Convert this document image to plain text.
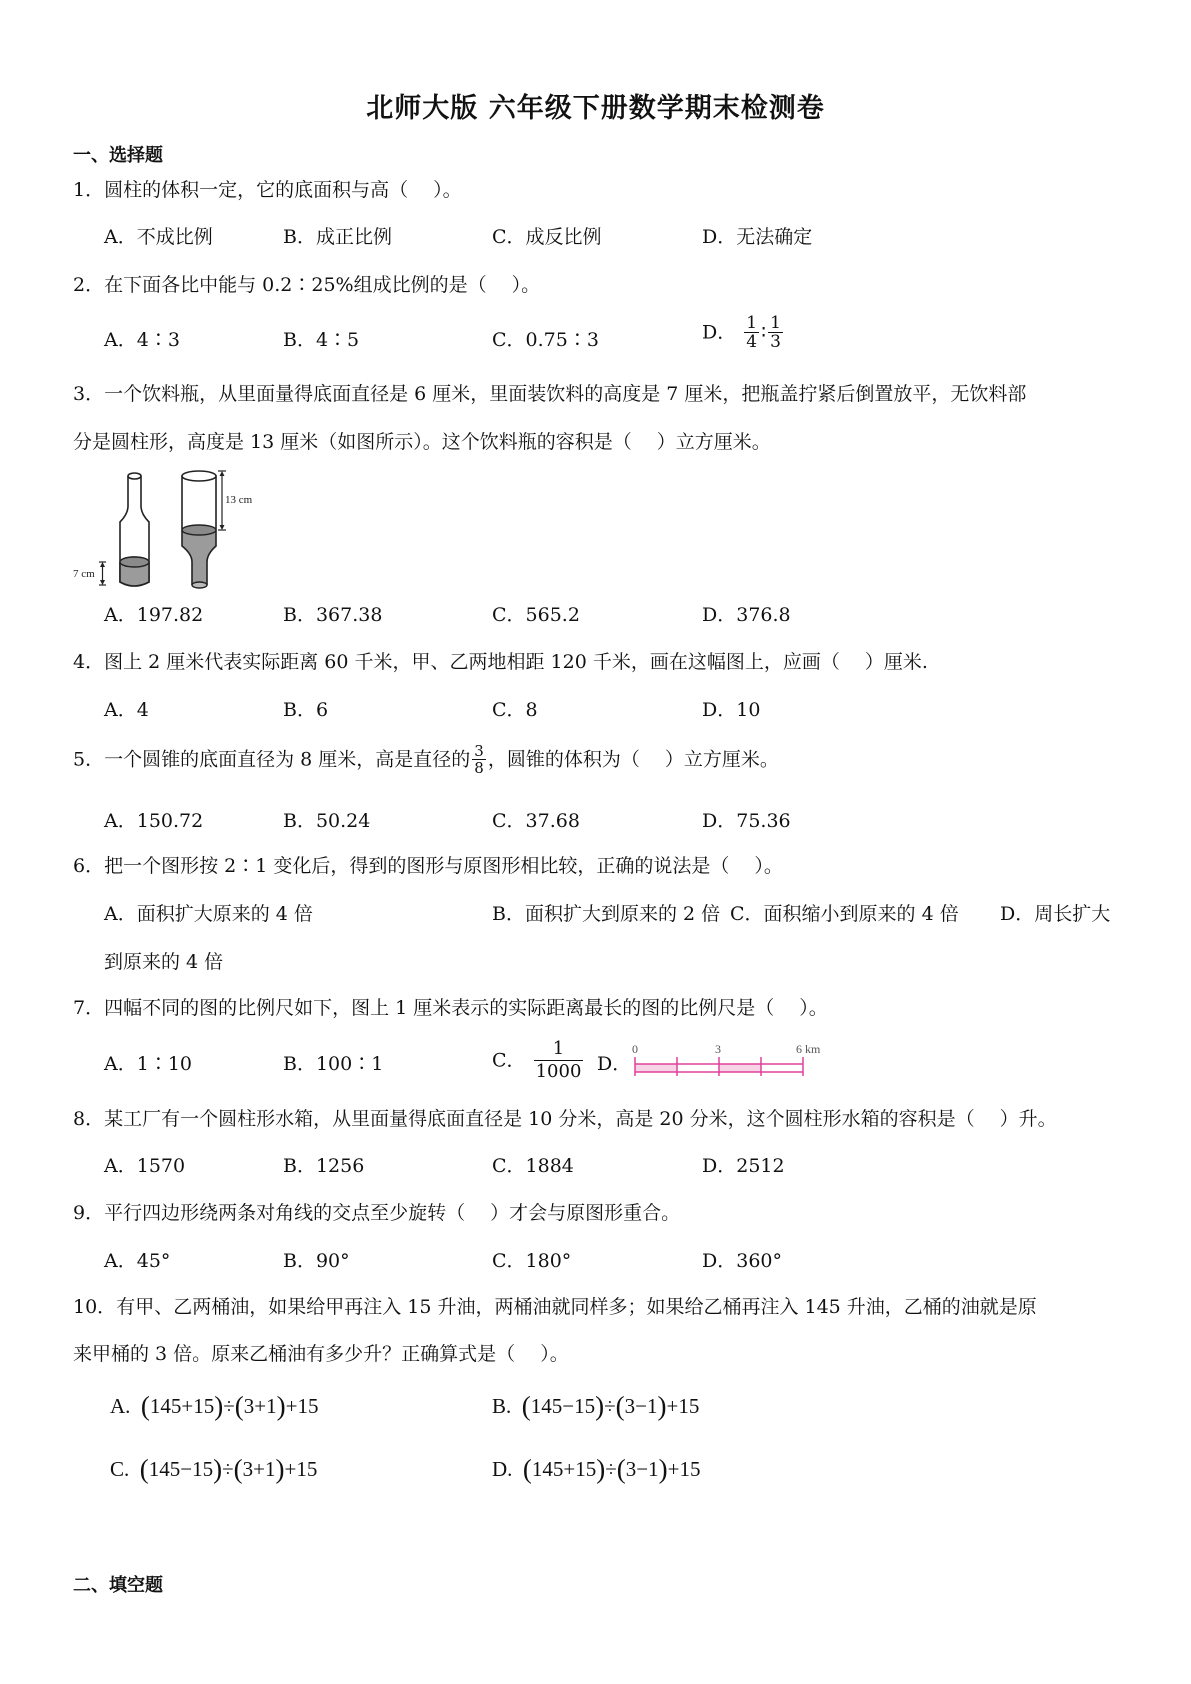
北师大版 六年级下册数学期末检测卷
一、选择题
1．圆柱的体积一定，它的底面积与高（　 ）。
A．不成比例	B．成正比例	C．成反比例	D．无法确定
2．在下面各比中能与 0.2∶25%组成比例的是（　 ）。
A．4∶3	B．4∶5	C．0.75∶3	D． $\frac{1}{4}$ ∶ $\frac{1}{3}$
3．一个饮料瓶，从里面量得底面直径是 6 厘米，里面装饮料的高度是 7 厘米，把瓶盖拧紧后倒置放平，无饮料部
分是圆柱形，高度是 13 厘米（如图所示）。这个饮料瓶的容积是（　 ）立方厘米。
13 cm
7 cm
A．197.82	B．367.38	C．565.2	D．376.8
4．图上 2 厘米代表实际距离 60 千米，甲、乙两地相距 120 千米，画在这幅图上，应画（　 ）厘米.
A．4	B．6	C．8	D．10
5．一个圆锥的底面直径为 8 厘米，高是直径的 $\frac{3}{8}$ ，圆锥的体积为（　 ）立方厘米。
A．150.72	B．50.24	C．37.68	D．75.36
6．把一个图形按 2∶1 变化后，得到的图形与原图形相比较，正确的说法是（　 ）。
A．面积扩大原来的 4 倍	B．面积扩大到原来的 2 倍 C．面积缩小到原来的 4 倍 D．周长扩大
到原来的 4 倍
7．四幅不同的图的比例尺如下，图上 1 厘米表示的实际距离最长的图的比例尺是（　 ）。
A．1∶10	B．100∶1	C． $\frac{1}{1000}$ D．
0	3	6 km
8．某工厂有一个圆柱形水箱，从里面量得底面直径是 10 分米，高是 20 分米，这个圆柱形水箱的容积是（　 ）升。
A．1570	B．1256	C．1884	D．2512
9．平行四边形绕两条对角线的交点至少旋转（　 ）才会与原图形重合。
A．45°	B．90°	C．180°	D．360°
10．有甲、乙两桶油，如果给甲再注入 15 升油，两桶油就同样多；如果给乙桶再注入 145 升油，乙桶的油就是原
来甲桶的 3 倍。原来乙桶油有多少升？正确算式是（　 ）。
A. (145+15)÷(3+1)+15	B. (145−15)÷(3−1)+15
C. (145−15)÷(3+1)+15	D. (145+15)÷(3−1)+15
二、填空题
